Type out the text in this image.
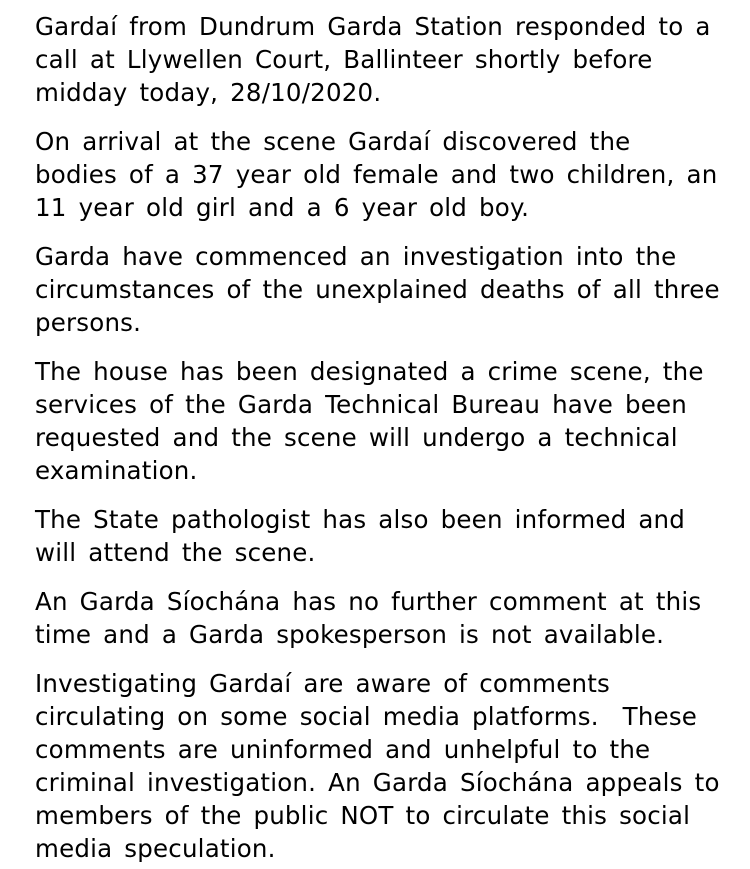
Gardaí from Dundrum Garda Station responded to a call at Llywellen Court, Ballinteer shortly before midday today, 28/10/2020.

On arrival at the scene Gardaí discovered the bodies of a 37 year old female and two children, an 11 year old girl and a 6 year old boy.

Garda have commenced an investigation into the circumstances of the unexplained deaths of all three persons.

The house has been designated a crime scene, the services of the Garda Technical Bureau have been requested and the scene will undergo a technical examination.

The State pathologist has also been informed and will attend the scene.

An Garda Síochána has no further comment at this time and a Garda spokesperson is not available.

Investigating Gardaí are aware of comments circulating on some social media platforms.  These comments are uninformed and unhelpful to the criminal investigation. An Garda Síochána appeals to members of the public NOT to circulate this social media speculation.
